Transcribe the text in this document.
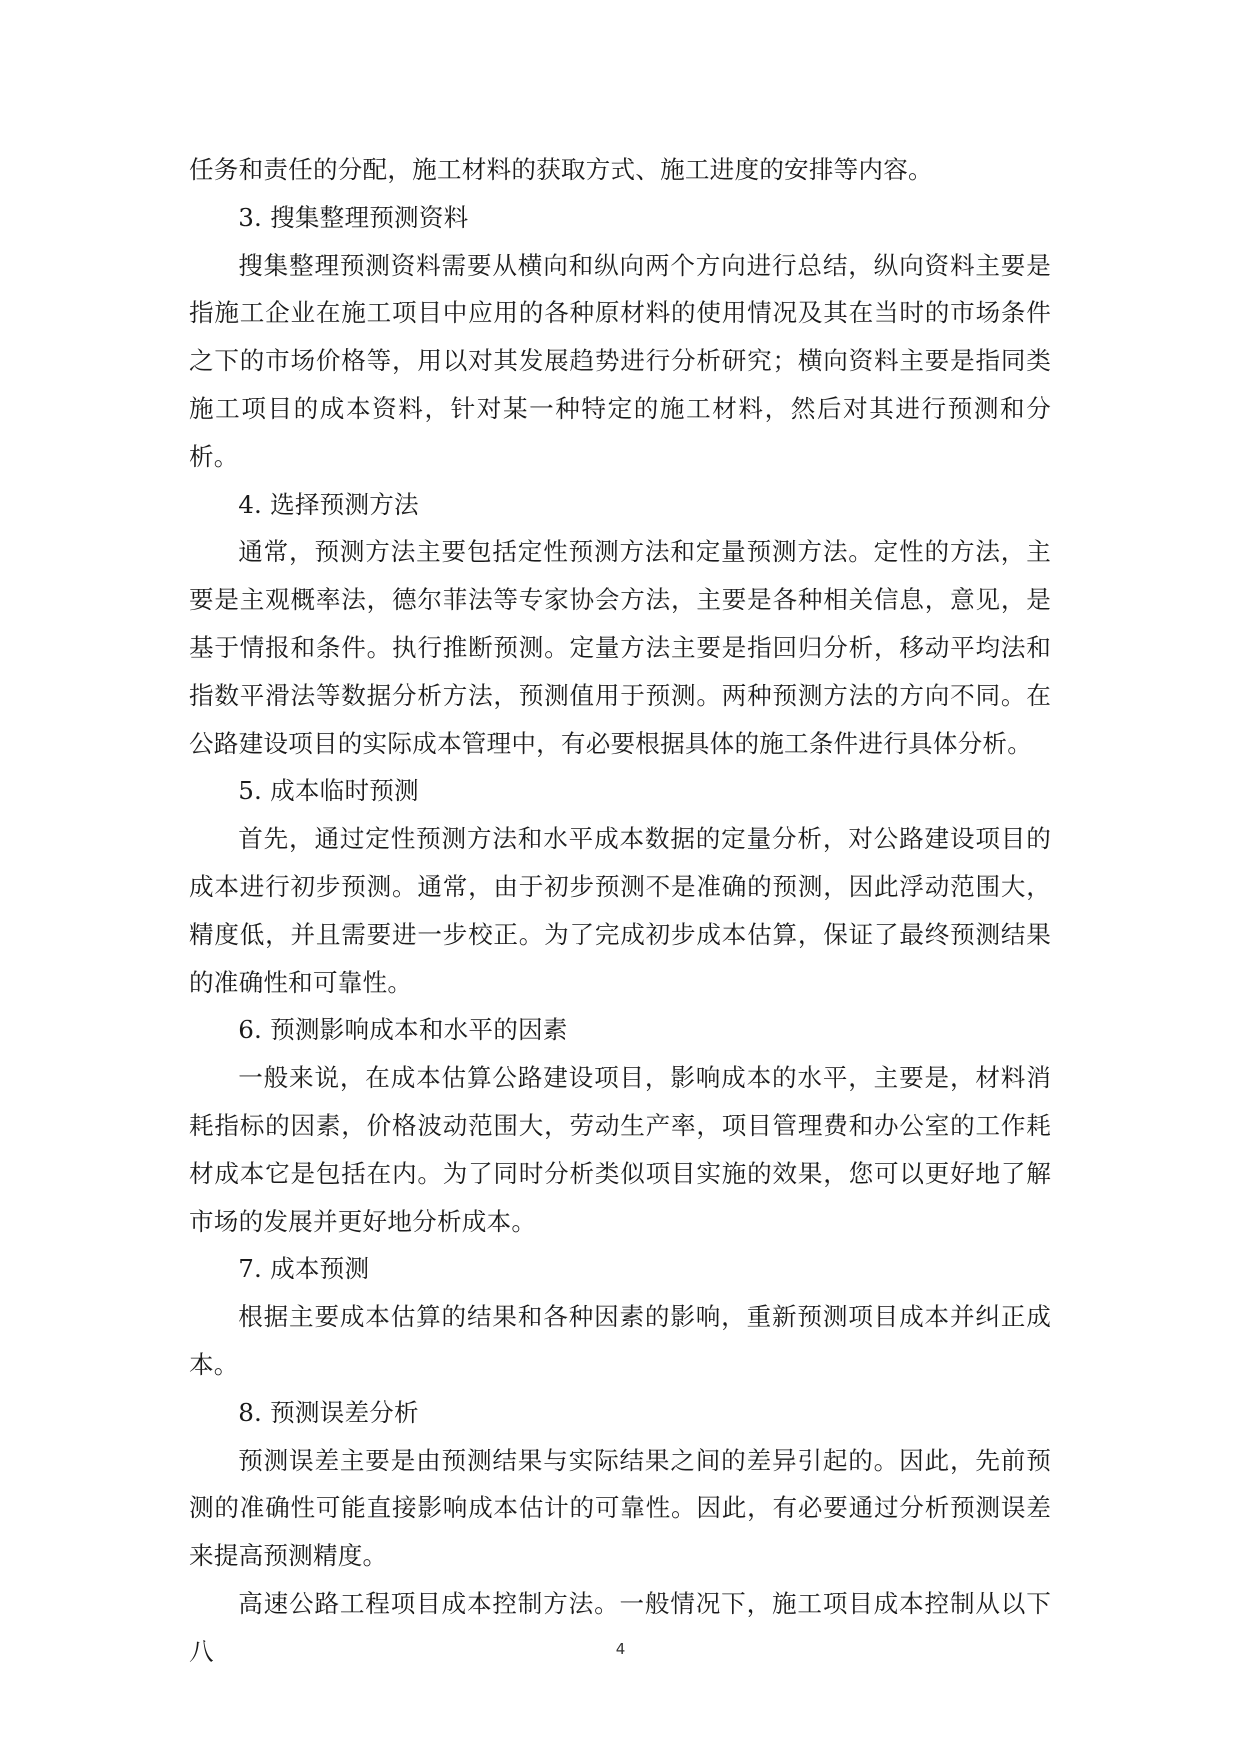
任务和责任的分配，施工材料的获取方式、施工进度的安排等内容。

3. 搜集整理预测资料

搜集整理预测资料需要从横向和纵向两个方向进行总结，纵向资料主要是指施工企业在施工项目中应用的各种原材料的使用情况及其在当时的市场条件之下的市场价格等，用以对其发展趋势进行分析研究；横向资料主要是指同类施工项目的成本资料，针对某一种特定的施工材料，然后对其进行预测和分析。

4. 选择预测方法

通常，预测方法主要包括定性预测方法和定量预测方法。定性的方法，主要是主观概率法，德尔菲法等专家协会方法，主要是各种相关信息，意见，是基于情报和条件。执行推断预测。定量方法主要是指回归分析，移动平均法和指数平滑法等数据分析方法，预测值用于预测。两种预测方法的方向不同。在公路建设项目的实际成本管理中，有必要根据具体的施工条件进行具体分析。

5. 成本临时预测

首先，通过定性预测方法和水平成本数据的定量分析，对公路建设项目的成本进行初步预测。通常，由于初步预测不是准确的预测，因此浮动范围大，精度低，并且需要进一步校正。为了完成初步成本估算，保证了最终预测结果的准确性和可靠性。

6. 预测影响成本和水平的因素

一般来说，在成本估算公路建设项目，影响成本的水平，主要是，材料消耗指标的因素，价格波动范围大，劳动生产率，项目管理费和办公室的工作耗材成本它是包括在内。为了同时分析类似项目实施的效果，您可以更好地了解市场的发展并更好地分析成本。

7. 成本预测

根据主要成本估算的结果和各种因素的影响，重新预测项目成本并纠正成本。

8. 预测误差分析

预测误差主要是由预测结果与实际结果之间的差异引起的。因此，先前预测的准确性可能直接影响成本估计的可靠性。因此，有必要通过分析预测误差来提高预测精度。

高速公路工程项目成本控制方法。一般情况下，施工项目成本控制从以下八	4
